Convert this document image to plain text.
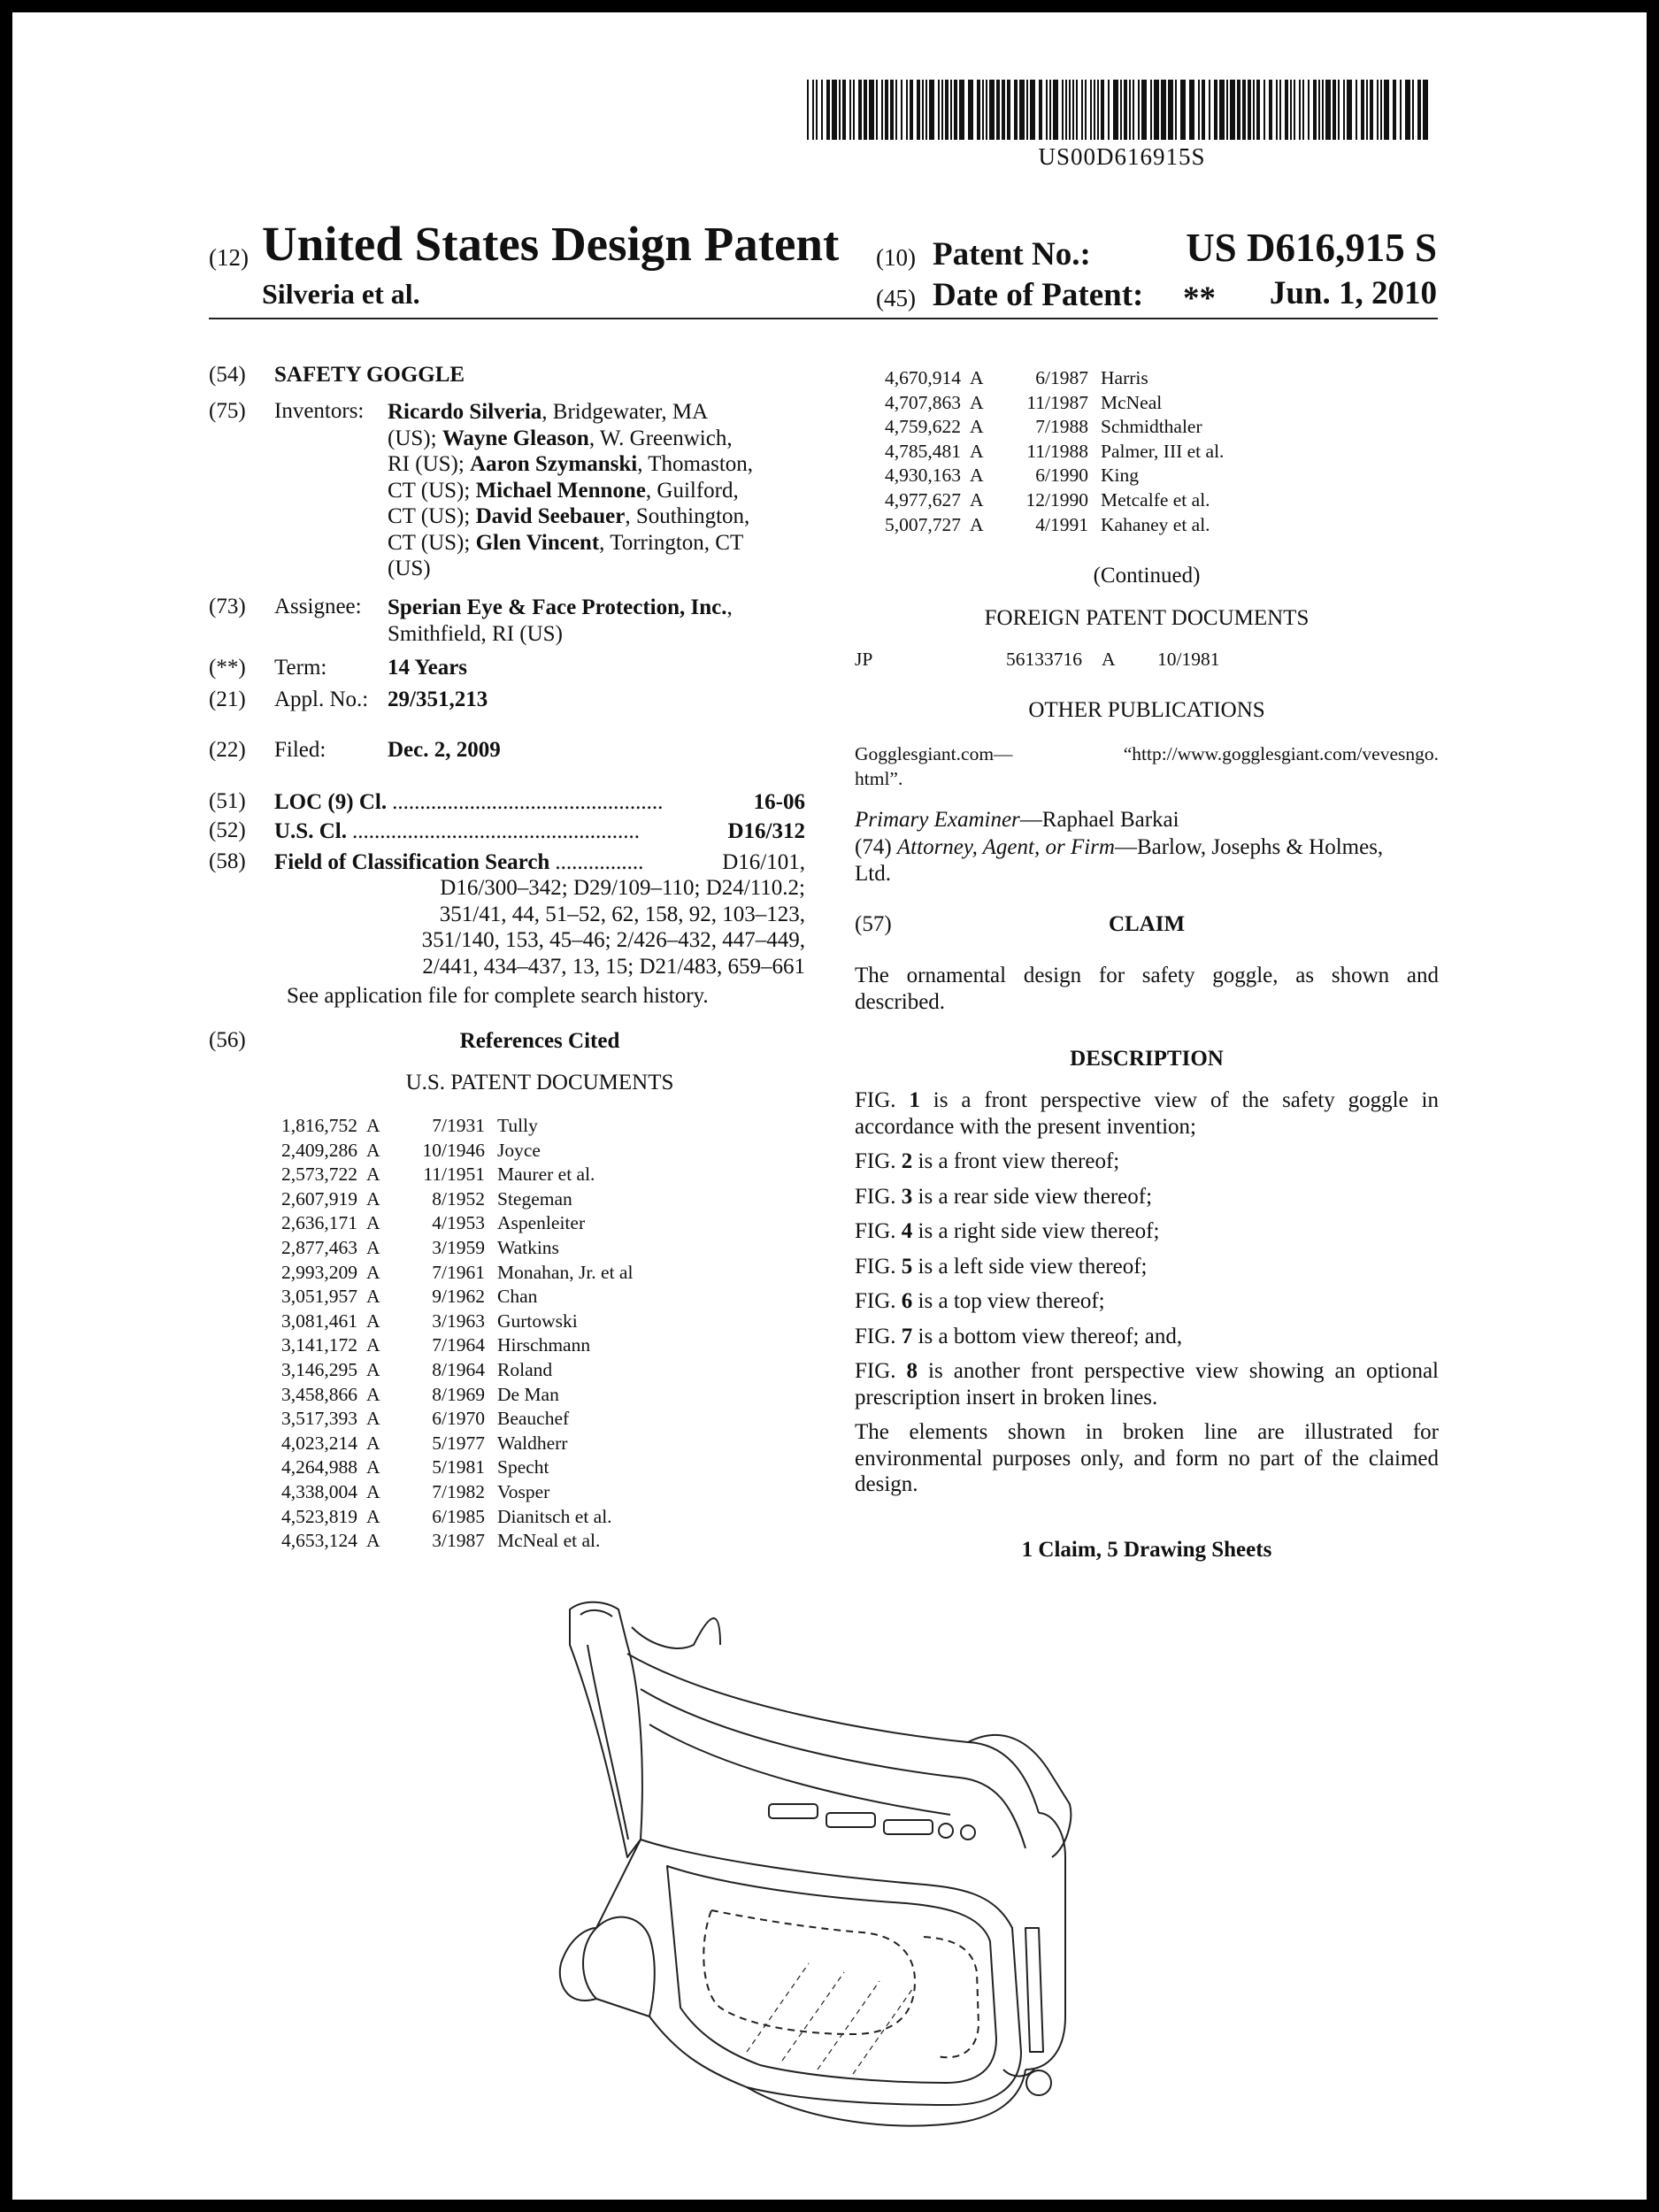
US00D616915S
(12) United States Design Patent
Silveria et al.
(10) Patent No.: US D616,915 S
(45) Date of Patent: ** Jun. 1, 2010
(54) SAFETY GOGGLE
(75) Inventors: Ricardo Silveria, Bridgewater, MA
(US); Wayne Gleason, W. Greenwich,
RI (US); Aaron Szymanski, Thomaston,
CT (US); Michael Mennone, Guilford,
CT (US); David Seebauer, Southington,
CT (US); Glen Vincent, Torrington, CT
(US)
(73) Assignee: Sperian Eye & Face Protection, Inc.,
Smithfield, RI (US)
(**) Term:	14 Years
(21) Appl. No.: 29/351,213
(22) Filed:	Dec. 2, 2009
(51) LOC (9) Cl. .................................................	16-06
(52) U.S. Cl. ....................................................	D16/312
(58) Field of Classification Search ................	D16/101,
D16/300–342; D29/109–110; D24/110.2;
351/41, 44, 51–52, 62, 158, 92, 103–123,
351/140, 153, 45–46; 2/426–432, 447–449,
2/441, 434–437, 13, 15; D21/483, 659–661
See application file for complete search history.
(56)	References Cited
U.S. PATENT DOCUMENTS
1,816,752	A	7/1931	Tully
2,409,286	A	10/1946	Joyce
2,573,722	A	11/1951	Maurer et al.
2,607,919	A	8/1952	Stegeman
2,636,171	A	4/1953	Aspenleiter
2,877,463	A	3/1959	Watkins
2,993,209	A	7/1961	Monahan, Jr. et al
3,051,957	A	9/1962	Chan
3,081,461	A	3/1963	Gurtowski
3,141,172	A	7/1964	Hirschmann
3,146,295	A	8/1964	Roland
3,458,866	A	8/1969	De Man
3,517,393	A	6/1970	Beauchef
4,023,214	A	5/1977	Waldherr
4,264,988	A	5/1981	Specht
4,338,004	A	7/1982	Vosper
4,523,819	A	6/1985	Dianitsch et al.
4,653,124	A	3/1987	McNeal et al.
4,670,914	A	6/1987	Harris
4,707,863	A	11/1987	McNeal
4,759,622	A	7/1988	Schmidthaler
4,785,481	A	11/1988	Palmer, III et al.
4,930,163	A	6/1990	King
4,977,627	A	12/1990	Metcalfe et al.
5,007,727	A	4/1991	Kahaney et al.
(Continued)
FOREIGN PATENT DOCUMENTS
JP	56133716 A 10/1981
OTHER PUBLICATIONS
Gogglesgiant.com—	“http://www.gogglesgiant.com/vevesngo.
html”.
Primary Examiner—Raphael Barkai
(74) Attorney, Agent, or Firm—Barlow, Josephs & Holmes,
Ltd.
(57)	CLAIM
The ornamental design for safety goggle, as shown and described.
DESCRIPTION

FIG. 1 is a front perspective view of the safety goggle in accordance with the present invention;

FIG. 2 is a front view thereof;

FIG. 3 is a rear side view thereof;

FIG. 4 is a right side view thereof;

FIG. 5 is a left side view thereof;

FIG. 6 is a top view thereof;

FIG. 7 is a bottom view thereof; and,

FIG. 8 is another front perspective view showing an optional prescription insert in broken lines.

The elements shown in broken line are illustrated for environmental purposes only, and form no part of the claimed design.

1 Claim, 5 Drawing Sheets
